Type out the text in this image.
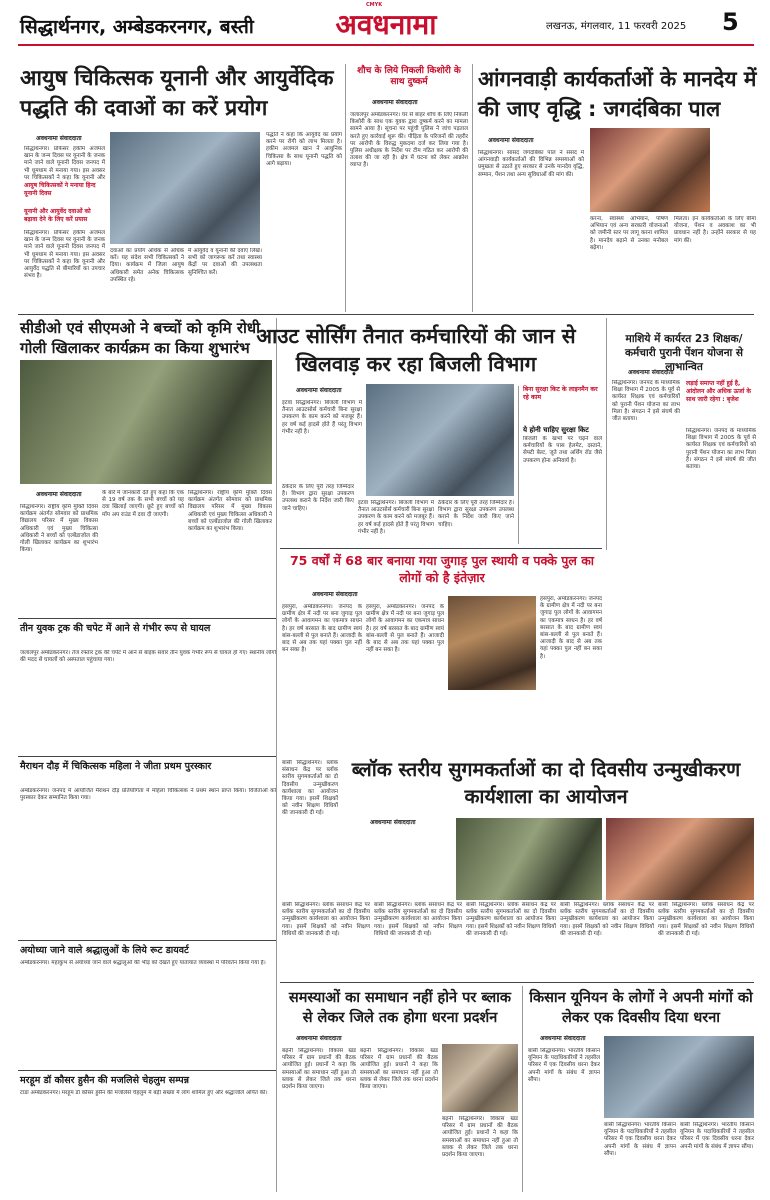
CMYK
सिद्धार्थनगर, अम्बेडकरनगर, बस्ती	अवधनामा	लखनऊ, मंगलवार, 11 फरवरी 2025 5
आयुष चिकित्सक यूनानी और आयुर्वेदिक पद्धति की दवाओं का करें प्रयोग
अवधनामा संवाददाता
सिद्धार्थनगर। प्रोफेसर हकीम अजमल खान के जन्म दिवस पर यूनानी के जनक माने जाने वाले यूनानी दिवस जनपद में भी धूमधाम से मनाया गया। इस अवसर पर चिकित्सकों ने कहा कि यूनानी और
आयुष चिकित्सकों ने मनाया हिन्द यूनानी दिवस
यूनानी और आयुर्वेद दवाओं को बढ़ावा देने के लिए करें प्रयास
सिद्धार्थनगर। प्रोफेसर हकीम अजमल खान के जन्म दिवस पर यूनानी के जनक माने जाने वाले यूनानी दिवस जनपद में भी धूमधाम से मनाया गया। इस अवसर पर चिकित्सकों ने कहा कि यूनानी और आयुर्वेद पद्धति से बीमारियों का उपचार संभव है।
दवाओं का प्रयोग अधिक से अधिक करें। यह संदेश सभी चिकित्सकों ने दिया। कार्यक्रम में जिला आयुष अधिकारी समेत अनेक चिकित्सक उपस्थित रहे।
में आयुर्वेद व यूनानी की दवाएं लिखें। सभी को जागरूक करें तथा स्वास्थ्य केंद्रों पर दवाओं की उपलब्धता सुनिश्चित करें।
पद्धति ने कहा कि आयुर्वेद का प्रयोग करने पर रोगी को लाभ मिलता है। हकीम अजमल खान ने आधुनिक चिकित्सा के साथ यूनानी पद्धति को आगे बढ़ाया।
शौच के लिये निकली किशोरी के साथ दुष्कर्म
अवधनामा संवाददाता
जलालपुर अम्बेडकरनगर। घर से बाहर शौच के लिए निकली किशोरी के साथ एक युवक द्वारा दुष्कर्म करने का मामला सामने आया है। सूचना पर पहुंची पुलिस ने जांच पड़ताल करते हुए कार्रवाई शुरू की। पीड़िता के परिजनों की तहरीर पर आरोपी के विरुद्ध मुकदमा दर्ज कर लिया गया है। पुलिस अधीक्षक के निर्देश पर टीम गठित कर आरोपी की तलाश की जा रही है। क्षेत्र में घटना को लेकर आक्रोश व्याप्त है।
आंगनवाड़ी कार्यकर्ताओं के मानदेय में की जाए वृद्धि : जगदंबिका पाल
अवधनामा संवाददाता
सिद्धार्थनगर। सांसद जगदंबिका पाल ने संसद में आंगनवाड़ी कार्यकर्ताओं की विभिन्न समस्याओं को प्रमुखता से उठाते हुए सरकार से उनके मानदेय वृद्धि, सम्मान, पेंशन तथा अन्य सुविधाओं की मांग की।
करना, स्वास्थ्य अभियान, पोषण अभियान एवं अन्य सरकारी योजनाओं को जमीनी स्तर पर लागू करना शामिल है। मानदेय बढ़ाने से उनका मनोबल बढ़ेगा।
मिलता। इन कार्यकर्ताओं के लिए बीमा योजना, पेंशन व अवकाश का भी प्रावधान नहीं है। उन्होंने सरकार से यह मांग की।
सीडीओ एवं सीएमओ ने बच्चों को कृमि रोधी गोली खिलाकर कार्यक्रम का किया शुभारंभ
अवधनामा संवाददाता
सिद्धार्थनगर। राष्ट्रीय कृमि मुक्ति दिवस कार्यक्रम अंतर्गत सोमवार को प्राथमिक विद्यालय परिसर में मुख्य विकास अधिकारी एवं मुख्य चिकित्सा अधिकारी ने बच्चों को एल्बेंडाजोल की गोली खिलाकर कार्यक्रम का शुभारंभ किया।
के बारे में जानकारी देते हुए कहा कि एक से 19 वर्ष तक के सभी बच्चों को यह दवा खिलाई जाएगी। छूटे हुए बच्चों को मॉप अप राउंड में दवा दी जाएगी।
सिद्धार्थनगर। राष्ट्रीय कृमि मुक्ति दिवस कार्यक्रम अंतर्गत सोमवार को प्राथमिक विद्यालय परिसर में मुख्य विकास अधिकारी एवं मुख्य चिकित्सा अधिकारी ने बच्चों को एल्बेंडाजोल की गोली खिलाकर कार्यक्रम का शुभारंभ किया।
आउट सोर्सिंग तैनात कर्मचारियों की जान से खिलवाड़ कर रहा बिजली विभाग
अवधनामा संवाददाता
इटवा सिद्धार्थनगर। बिजली विभाग में तैनात आउटसोर्स कर्मचारी बिना सुरक्षा उपकरण के काम करने को मजबूर हैं। हर वर्ष कई हादसे होते हैं परंतु विभाग गंभीर नहीं है।
ठेकेदार के लिए पूरी तरह जिम्मेदार है। विभाग द्वारा सुरक्षा उपकरण उपलब्ध कराने के निर्देश जारी किए जाने चाहिए।
इटवा सिद्धार्थनगर। बिजली विभाग में तैनात आउटसोर्स कर्मचारी बिना सुरक्षा उपकरण के काम करने को मजबूर हैं। हर वर्ष कई हादसे होते हैं परंतु विभाग गंभीर नहीं है।
ठेकेदार के लिए पूरी तरह जिम्मेदार है। विभाग द्वारा सुरक्षा उपकरण उपलब्ध कराने के निर्देश जारी किए जाने चाहिए।
बिना सुरक्षा किट के लाइनमैन कर रहे काम
ये होनी चाहिए सुरक्षा किट
बिजली के खंभों पर चढ़ने वाले कर्मचारियों के पास हेलमेट, दस्ताने, सेफ्टी बेल्ट, जूते तथा अर्थिंग रॉड जैसे उपकरण होना अनिवार्य है।
माशिये में कार्यरत 23 शिक्षक/कर्मचारी पुरानी पेंशन योजना से लाभान्वित
अवधनामा संवाददाता
सिद्धार्थनगर। जनपद के माध्यमिक शिक्षा विभाग में 2005 के पूर्व से कार्यरत शिक्षक एवं कर्मचारियों को पुरानी पेंशन योजना का लाभ मिला है। संगठन ने इसे संघर्ष की जीत बताया।
लड़ाई समाप्त नहीं हुई है, आंदोलन और अधिक ऊर्जा के साथ जारी रहेगा : बृजेश
सिद्धार्थनगर। जनपद के माध्यमिक शिक्षा विभाग में 2005 के पूर्व से कार्यरत शिक्षक एवं कर्मचारियों को पुरानी पेंशन योजना का लाभ मिला है। संगठन ने इसे संघर्ष की जीत बताया।
75 वर्षों में 68 बार बनाया गया जुगाड़ पुल स्थायी व पक्के पुल का लोगों को है इंतेज़ार
अवधनामा संवाददाता
हसपुरा, अम्बेडकरनगर। जनपद के ग्रामीण क्षेत्र में नदी पर बना जुगाड़ पुल लोगों के आवागमन का एकमात्र साधन है। हर वर्ष बरसात के बाद ग्रामीण स्वयं बांस-बल्ली से पुल बनाते हैं। आजादी के बाद से अब तक यहां पक्का पुल नहीं बन सका है।
हसपुरा, अम्बेडकरनगर। जनपद के ग्रामीण क्षेत्र में नदी पर बना जुगाड़ पुल लोगों के आवागमन का एकमात्र साधन है। हर वर्ष बरसात के बाद ग्रामीण स्वयं बांस-बल्ली से पुल बनाते हैं। आजादी के बाद से अब तक यहां पक्का पुल नहीं बन सका है।
हसपुरा, अम्बेडकरनगर। जनपद के ग्रामीण क्षेत्र में नदी पर बना जुगाड़ पुल लोगों के आवागमन का एकमात्र साधन है। हर वर्ष बरसात के बाद ग्रामीण स्वयं बांस-बल्ली से पुल बनाते हैं। आजादी के बाद से अब तक यहां पक्का पुल नहीं बन सका है।
तीन युवक ट्रक की चपेट में आने से गंभीर रूप से घायल
जलालपुर अम्बेडकरनगर। तेज रफ्तार ट्रक की चपेट में आने से बाइक सवार तीन युवक गंभीर रूप से घायल हो गए। स्थानीय लोगों की मदद से घायलों को अस्पताल पहुंचाया गया।
मैराथन दौड़ में चिकित्सक महिला ने जीता प्रथम पुरस्कार
अम्बेडकरनगर। जनपद में आयोजित मैराथन दौड़ प्रतियोगिता में महिला चिकित्सक ने प्रथम स्थान प्राप्त किया। विजेताओं को पुरस्कार देकर सम्मानित किया गया।
अयोध्या जाने वाले श्रद्धालुओं के लिये रूट डायवर्ट
अम्बेडकरनगर। महाकुंभ से अयोध्या जाने वाले श्रद्धालुओं की भीड़ को देखते हुए यातायात व्यवस्था में परिवर्तन किया गया है।
मरहूम डॉ कौसर हुसैन की मजलिसे चेहलुम सम्पन्न
टांडा अम्बेडकरनगर। मरहूम डॉ कौसर हुसैन की मजलिसे चेहलुम में बड़ी संख्या में लोग शामिल हुए और श्रद्धांजलि अर्पित की।
ब्लॉक स्तरीय सुगमकर्ताओं का दो दिवसीय उन्मुखीकरण कार्यशाला का आयोजन
बांसी सिद्धार्थनगर। ब्लॉक संसाधन केंद्र पर ब्लॉक स्तरीय सुगमकर्ताओं का दो दिवसीय उन्मुखीकरण कार्यशाला का आयोजन किया गया। इसमें शिक्षकों को नवीन शिक्षण विधियों की जानकारी दी गई।
अवधनामा संवाददाता
बांसी सिद्धार्थनगर। ब्लॉक संसाधन केंद्र पर ब्लॉक स्तरीय सुगमकर्ताओं का दो दिवसीय उन्मुखीकरण कार्यशाला का आयोजन किया गया। इसमें शिक्षकों को नवीन शिक्षण विधियों की जानकारी दी गई।
बांसी सिद्धार्थनगर। ब्लॉक संसाधन केंद्र पर ब्लॉक स्तरीय सुगमकर्ताओं का दो दिवसीय उन्मुखीकरण कार्यशाला का आयोजन किया गया। इसमें शिक्षकों को नवीन शिक्षण विधियों की जानकारी दी गई।
बांसी सिद्धार्थनगर। ब्लॉक संसाधन केंद्र पर ब्लॉक स्तरीय सुगमकर्ताओं का दो दिवसीय उन्मुखीकरण कार्यशाला का आयोजन किया गया। इसमें शिक्षकों को नवीन शिक्षण विधियों की जानकारी दी गई।
बांसी सिद्धार्थनगर। ब्लॉक संसाधन केंद्र पर ब्लॉक स्तरीय सुगमकर्ताओं का दो दिवसीय उन्मुखीकरण कार्यशाला का आयोजन किया गया। इसमें शिक्षकों को नवीन शिक्षण विधियों की जानकारी दी गई।
बांसी सिद्धार्थनगर। ब्लॉक संसाधन केंद्र पर ब्लॉक स्तरीय सुगमकर्ताओं का दो दिवसीय उन्मुखीकरण कार्यशाला का आयोजन किया गया। इसमें शिक्षकों को नवीन शिक्षण विधियों की जानकारी दी गई।
समस्याओं का समाधान नहीं होने पर ब्लाक से लेकर जिले तक होगा धरना प्रदर्शन
अवधनामा संवाददाता
बढ़नी सिद्धार्थनगर। विकास खंड परिसर में ग्राम प्रधानों की बैठक आयोजित हुई। प्रधानों ने कहा कि समस्याओं का समाधान नहीं हुआ तो ब्लाक से लेकर जिले तक धरना प्रदर्शन किया जाएगा।
बढ़नी सिद्धार्थनगर। विकास खंड परिसर में ग्राम प्रधानों की बैठक आयोजित हुई। प्रधानों ने कहा कि समस्याओं का समाधान नहीं हुआ तो ब्लाक से लेकर जिले तक धरना प्रदर्शन किया जाएगा।
बढ़नी सिद्धार्थनगर। विकास खंड परिसर में ग्राम प्रधानों की बैठक आयोजित हुई। प्रधानों ने कहा कि समस्याओं का समाधान नहीं हुआ तो ब्लाक से लेकर जिले तक धरना प्रदर्शन किया जाएगा।
किसान यूनियन के लोगों ने अपनी मांगों को लेकर एक दिवसीय दिया धरना
अवधनामा संवाददाता
बांसी सिद्धार्थनगर। भारतीय किसान यूनियन के पदाधिकारियों ने तहसील परिसर में एक दिवसीय धरना देकर अपनी मांगों के संबंध में ज्ञापन सौंपा।
बांसी सिद्धार्थनगर। भारतीय किसान यूनियन के पदाधिकारियों ने तहसील परिसर में एक दिवसीय धरना देकर अपनी मांगों के संबंध में ज्ञापन सौंपा।
बांसी सिद्धार्थनगर। भारतीय किसान यूनियन के पदाधिकारियों ने तहसील परिसर में एक दिवसीय धरना देकर अपनी मांगों के संबंध में ज्ञापन सौंपा।
